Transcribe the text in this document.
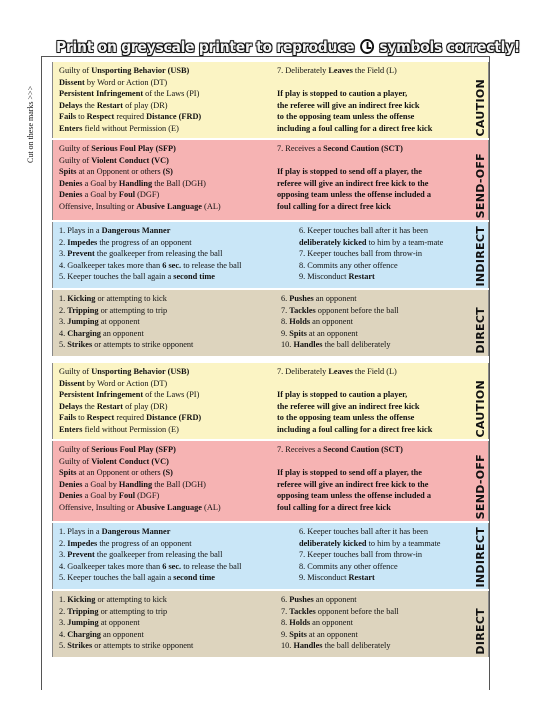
Print on greyscale printer to reproduce symbols correctly!
Cut on these marks >>>	CAUTION
Guilty of Unsporting Behavior (USB)
Dissent by Word or Action (DT)
Persistent Infringement of the Laws (PI)
Delays the Restart of play (DR)
Fails to Respect required Distance (FRD)
Enters field without Permission (E)
7. Deliberately Leaves the Field (L)
If play is stopped to caution a player,
the referee will give an indirect free kick
to the opposing team unless the offense
including a foul calling for a direct free kick
SEND-OFF
Guilty of Serious Foul Play (SFP)
Guilty of Violent Conduct (VC)
Spits at an Opponent or others (S)
Denies a Goal by Handling the Ball (DGH)
Denies a Goal by Foul (DGF)
Offensive, Insulting or Abusive Language (AL)
7. Receives a Second Caution (SCT)
If play is stopped to send off a player, the
referee will give an indirect free kick to the
opposing team unless the offense included a
foul calling for a direct free kick
INDIRECT
1. Plays in a Dangerous Manner
2. Impedes the progress of an opponent
3. Prevent the goalkeeper from releasing the ball
4. Goalkeeper takes more than 6 sec. to release the ball
5. Keeper touches the ball again a second time
6. Keeper touches ball after it has been
deliberately kicked to him by a team-mate
7. Keeper touches ball from throw-in
8. Commits any other offence
9. Misconduct Restart
DIRECT
1. Kicking or attempting to kick
2. Tripping or attempting to trip
3. Jumping at opponent
4. Charging an opponent
5. Strikes or attempts to strike opponent
6. Pushes an opponent
7. Tackles opponent before the ball
8. Holds an opponent
9. Spits at an opponent
10. Handles the ball deliberately
CAUTION
Guilty of Unsporting Behavior (USB)
Dissent by Word or Action (DT)
Persistent Infringement of the Laws (PI)
Delays the Restart of play (DR)
Fails to Respect required Distance (FRD)
Enters field without Permission (E)
7. Deliberately Leaves the Field (L)
If play is stopped to caution a player,
the referee will give an indirect free kick
to the opposing team unless the offense
including a foul calling for a direct free kick
SEND-OFF
Guilty of Serious Foul Play (SFP)
Guilty of Violent Conduct (VC)
Spits at an Opponent or others (S)
Denies a Goal by Handling the Ball (DGH)
Denies a Goal by Foul (DGF)
Offensive, Insulting or Abusive Language (AL)
7. Receives a Second Caution (SCT)
If play is stopped to send off a player, the
referee will give an indirect free kick to the
opposing team unless the offense included a
foul calling for a direct free kick
INDIRECT
1. Plays in a Dangerous Manner
2. Impedes the progress of an opponent
3. Prevent the goalkeeper from releasing the ball
4. Goalkeeper takes more than 6 sec. to release the ball
5. Keeper touches the ball again a second time
6. Keeper touches ball after it has been
deliberately kicked to him by a teammate
7. Keeper touches ball from throw-in
8. Commits any other offence
9. Misconduct Restart
DIRECT
1. Kicking or attempting to kick
2. Tripping or attempting to trip
3. Jumping at opponent
4. Charging an opponent
5. Strikes or attempts to strike opponent
6. Pushes an opponent
7. Tackles opponent before the ball
8. Holds an opponent
9. Spits at an opponent
10. Handles the ball deliberately
